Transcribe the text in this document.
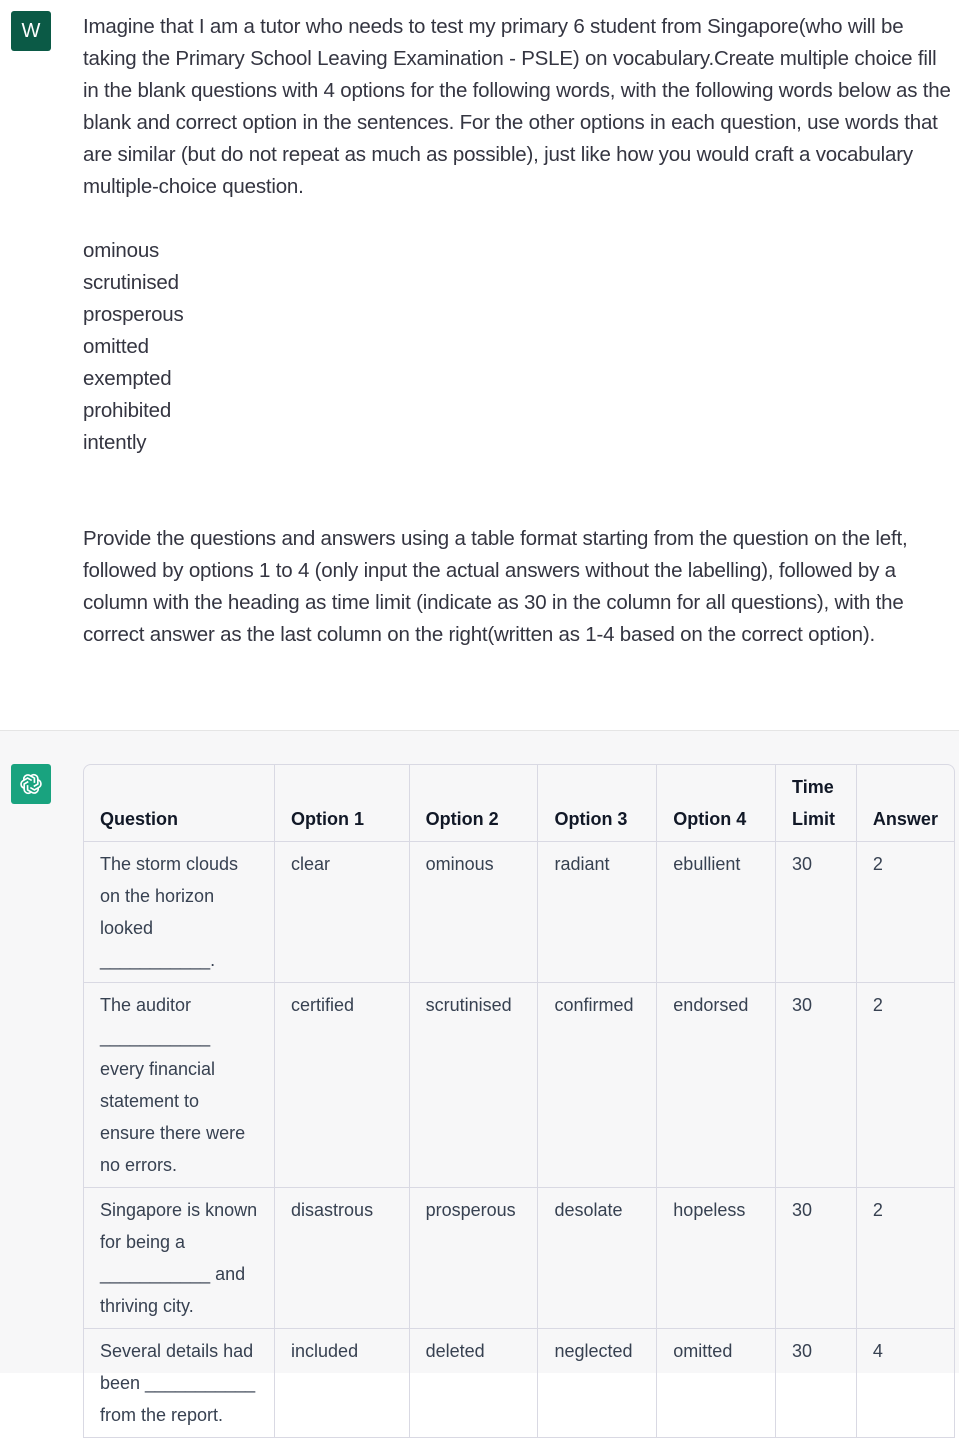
W	Imagine that I am a tutor who needs to test my primary 6 student from Singapore(who will be taking the Primary School Leaving Examination - PSLE) on vocabulary.Create multiple choice fill in the blank questions with 4 options for the following words, with the following words below as the blank and correct option in the sentences. For the other options in each question, use words that are similar (but do not repeat as much as possible), just like how you would craft a vocabulary multiple-choice question.

ominous
scrutinised
prosperous
omitted
exempted
prohibited
intently

Provide the questions and answers using a table format starting from the question on the left, followed by options 1 to 4 (only input the actual answers without the labelling), followed by a column with the heading as time limit (indicate as 30 in the column for all questions), with the correct answer as the last column on the right(written as 1-4 based on the correct option).

Question	Option 1	Option 2	Option 3	Option 4	Time Limit	Answer
The storm clouds on the horizon looked ___________.	clear	ominous	radiant	ebullient	30	2
The auditor ___________ every financial statement to ensure there were no errors.	certified	scrutinised	confirmed	endorsed	30	2
Singapore is known for being a ___________ and thriving city.	disastrous	prosperous	desolate	hopeless	30	2
Several details had been ___________ from the report.	included	deleted	neglected	omitted	30	4
